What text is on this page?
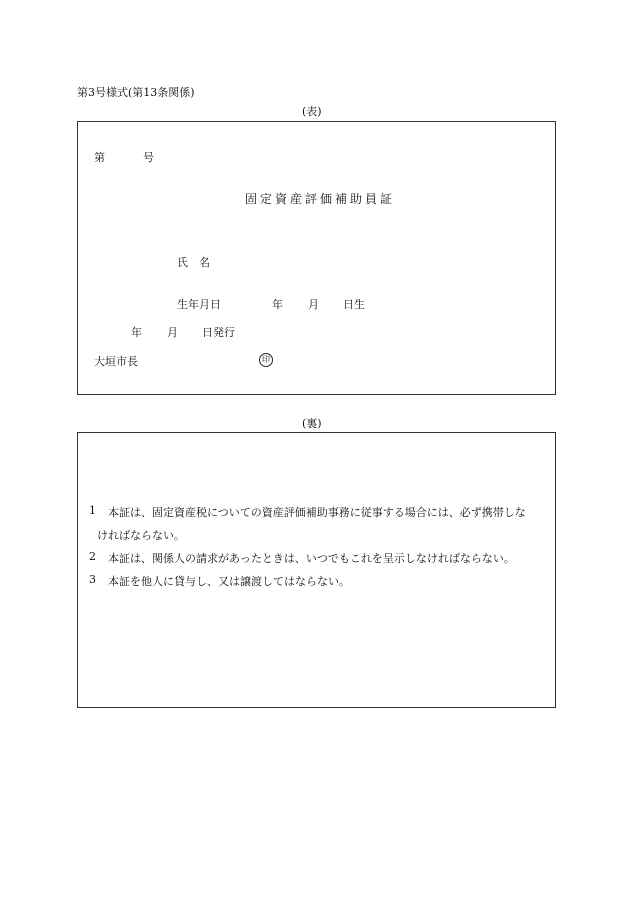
第3号様式(第13条関係)
(表)
第	号
固定資産評価補助員証
氏　名
生年月日	年 月 日生
年 月 日発行
大垣市長	印
(裏)
1 本証は、固定資産税についての資産評価補助事務に従事する場合には、必ず携帯しな
ければならない。
2 本証は、関係人の請求があったときは、いつでもこれを呈示しなければならない。
3 本証を他人に貸与し、又は譲渡してはならない。
